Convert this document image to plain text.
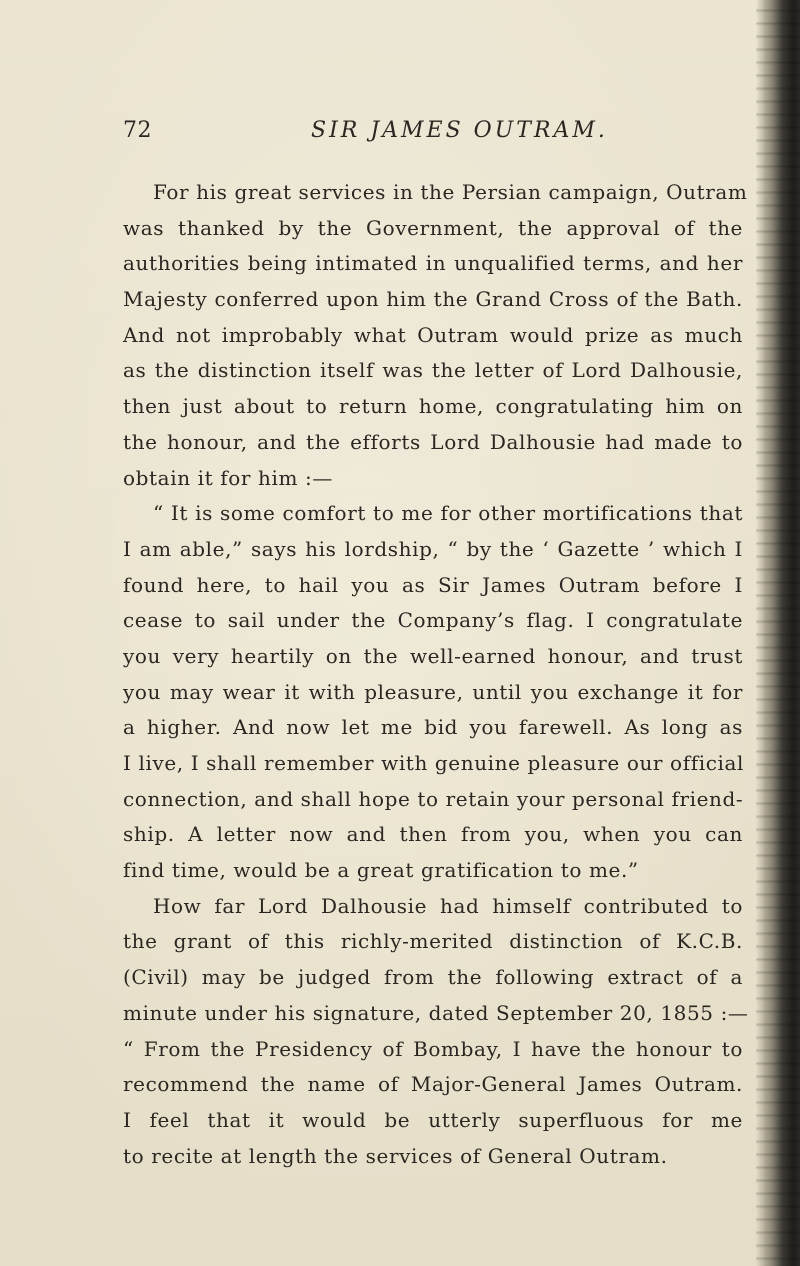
72	SIR JAMES OUTRAM.
For his great services in the Persian campaign, Outram
was thanked by the Government, the approval of the
authorities being intimated in unqualified terms, and her
Majesty conferred upon him the Grand Cross of the Bath.
And not improbably what Outram would prize as much
as the distinction itself was the letter of Lord Dalhousie,
then just about to return home, congratulating him on
the honour, and the efforts Lord Dalhousie had made to
obtain it for him :—
“ It is some comfort to me for other mortifications that
I am able,” says his lordship, “ by the ‘ Gazette ’ which I
found here, to hail you as Sir James Outram before I
cease to sail under the Company’s flag. I congratulate
you very heartily on the well-earned honour, and trust
you may wear it with pleasure, until you exchange it for
a higher. And now let me bid you farewell. As long as
I live, I shall remember with genuine pleasure our official
connection, and shall hope to retain your personal friend-
ship. A letter now and then from you, when you can
find time, would be a great gratification to me.”
How far Lord Dalhousie had himself contributed to
the grant of this richly-merited distinction of K.C.B.
(Civil) may be judged from the following extract of a
minute under his signature, dated September 20, 1855 :—
“ From the Presidency of Bombay, I have the honour to
recommend the name of Major-General James Outram.
I feel that it would be utterly superfluous for me
to recite at length the services of General Outram.
